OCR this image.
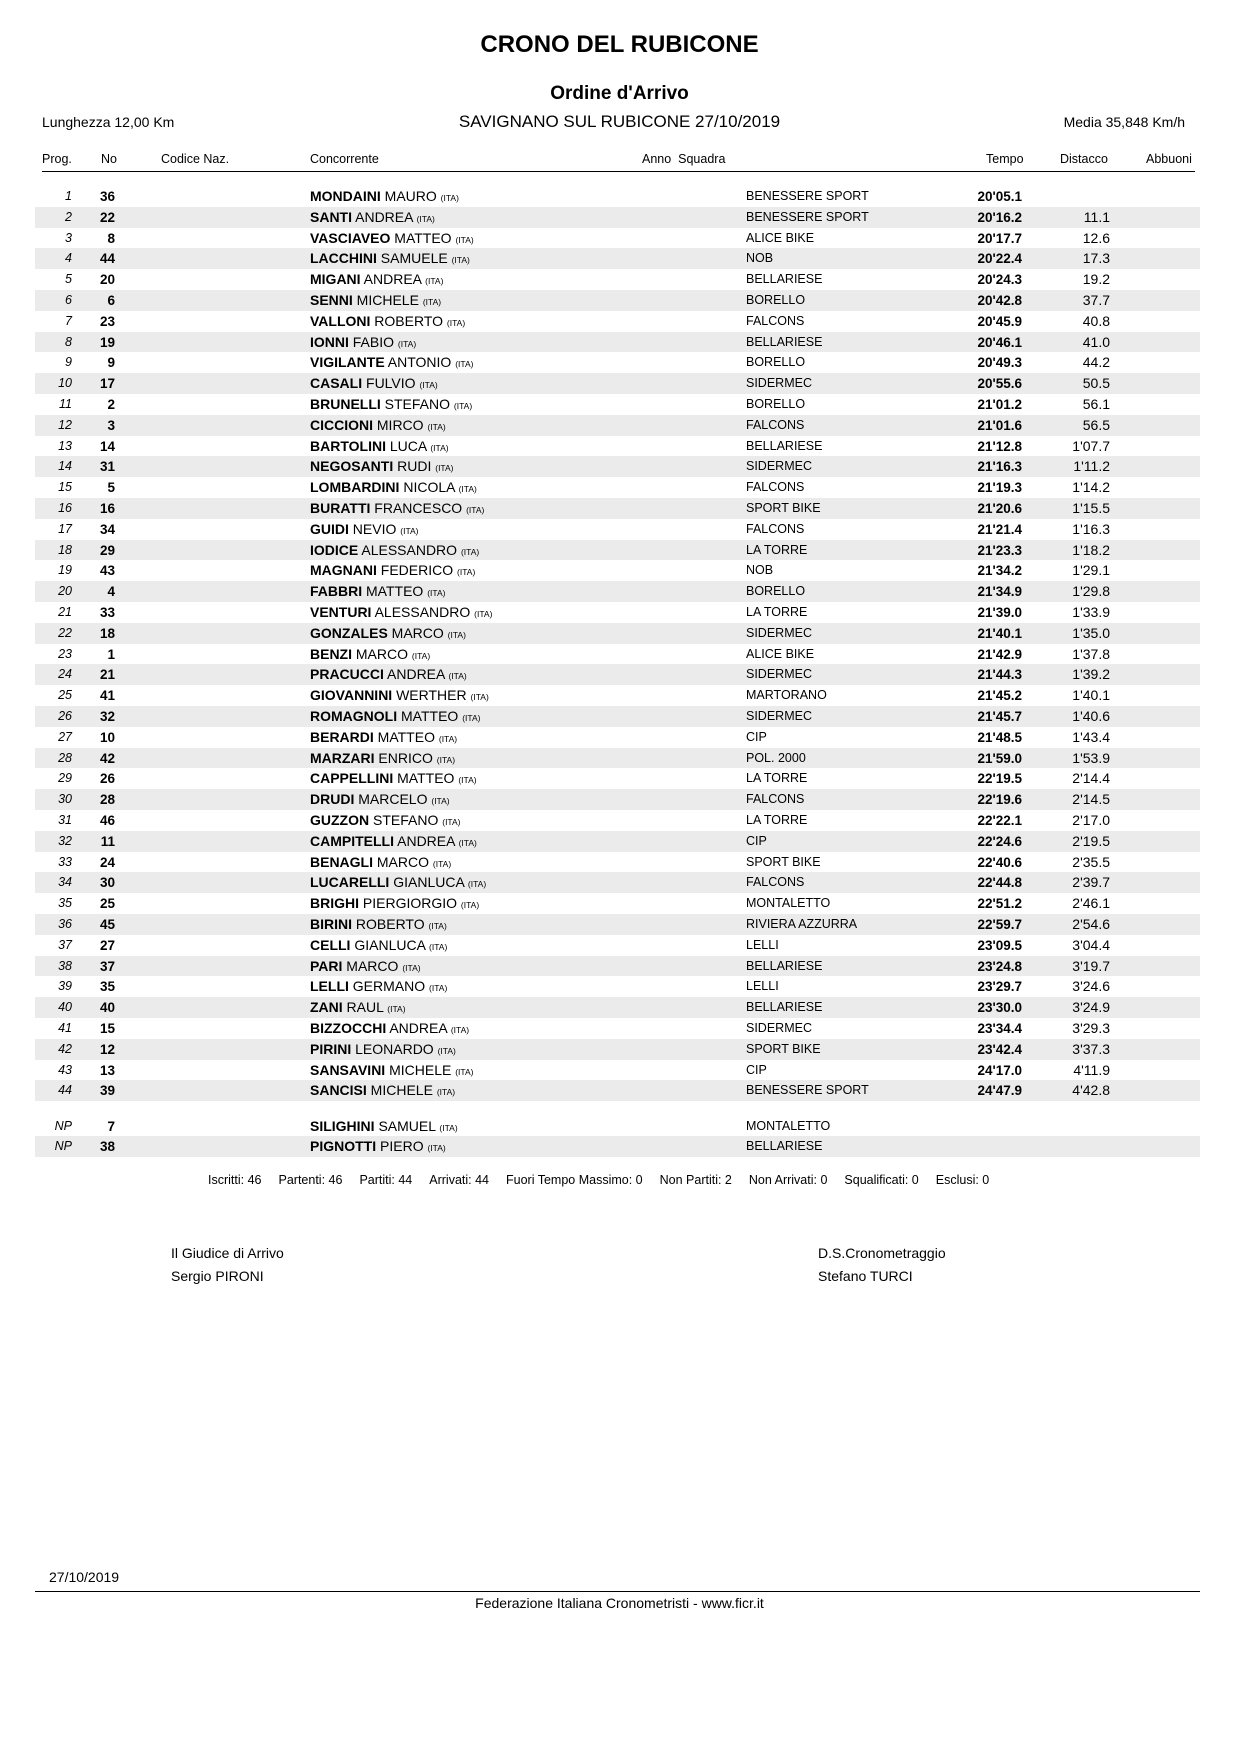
CRONO DEL RUBICONE
Ordine d'Arrivo
Lunghezza 12,00 Km	SAVIGNANO SUL RUBICONE 27/10/2019	Media 35,848 Km/h
Prog. No	Codice Naz.	Concorrente	Anno  Squadra	Tempo	Distacco	Abbuoni
1	36	MONDAINI MAURO (ITA)	BENESSERE SPORT	20'05.1
2	22	SANTI ANDREA (ITA)	BENESSERE SPORT	20'16.2	11.1
3	8	VASCIAVEO MATTEO (ITA)	ALICE BIKE	20'17.7	12.6
4	44	LACCHINI SAMUELE (ITA)	NOB	20'22.4	17.3
5	20	MIGANI ANDREA (ITA)	BELLARIESE	20'24.3	19.2
6	6	SENNI MICHELE (ITA)	BORELLO	20'42.8	37.7
7	23	VALLONI ROBERTO (ITA)	FALCONS	20'45.9	40.8
8	19	IONNI FABIO (ITA)	BELLARIESE	20'46.1	41.0
9	9	VIGILANTE ANTONIO (ITA)	BORELLO	20'49.3	44.2
10	17	CASALI FULVIO (ITA)	SIDERMEC	20'55.6	50.5
11	2	BRUNELLI STEFANO (ITA)	BORELLO	21'01.2	56.1
12	3	CICCIONI MIRCO (ITA)	FALCONS	21'01.6	56.5
13	14	BARTOLINI LUCA (ITA)	BELLARIESE	21'12.8	1'07.7
14	31	NEGOSANTI RUDI (ITA)	SIDERMEC	21'16.3	1'11.2
15	5	LOMBARDINI NICOLA (ITA)	FALCONS	21'19.3	1'14.2
16	16	BURATTI FRANCESCO (ITA)	SPORT BIKE	21'20.6	1'15.5
17	34	GUIDI NEVIO (ITA)	FALCONS	21'21.4	1'16.3
18	29	IODICE ALESSANDRO (ITA)	LA TORRE	21'23.3	1'18.2
19	43	MAGNANI FEDERICO (ITA)	NOB	21'34.2	1'29.1
20	4	FABBRI MATTEO (ITA)	BORELLO	21'34.9	1'29.8
21	33	VENTURI ALESSANDRO (ITA)	LA TORRE	21'39.0	1'33.9
22	18	GONZALES MARCO (ITA)	SIDERMEC	21'40.1	1'35.0
23	1	BENZI MARCO (ITA)	ALICE BIKE	21'42.9	1'37.8
24	21	PRACUCCI ANDREA (ITA)	SIDERMEC	21'44.3	1'39.2
25	41	GIOVANNINI WERTHER (ITA)	MARTORANO	21'45.2	1'40.1
26	32	ROMAGNOLI MATTEO (ITA)	SIDERMEC	21'45.7	1'40.6
27	10	BERARDI MATTEO (ITA)	CIP	21'48.5	1'43.4
28	42	MARZARI ENRICO (ITA)	POL. 2000	21'59.0	1'53.9
29	26	CAPPELLINI MATTEO (ITA)	LA TORRE	22'19.5	2'14.4
30	28	DRUDI MARCELO (ITA)	FALCONS	22'19.6	2'14.5
31	46	GUZZON STEFANO (ITA)	LA TORRE	22'22.1	2'17.0
32	11	CAMPITELLI ANDREA (ITA)	CIP	22'24.6	2'19.5
33	24	BENAGLI MARCO (ITA)	SPORT BIKE	22'40.6	2'35.5
34	30	LUCARELLI GIANLUCA (ITA)	FALCONS	22'44.8	2'39.7
35	25	BRIGHI PIERGIORGIO (ITA)	MONTALETTO	22'51.2	2'46.1
36	45	BIRINI ROBERTO (ITA)	RIVIERA AZZURRA	22'59.7	2'54.6
37	27	CELLI GIANLUCA (ITA)	LELLI	23'09.5	3'04.4
38	37	PARI MARCO (ITA)	BELLARIESE	23'24.8	3'19.7
39	35	LELLI GERMANO (ITA)	LELLI	23'29.7	3'24.6
40	40	ZANI RAUL (ITA)	BELLARIESE	23'30.0	3'24.9
41	15	BIZZOCCHI ANDREA (ITA)	SIDERMEC	23'34.4	3'29.3
42	12	PIRINI LEONARDO (ITA)	SPORT BIKE	23'42.4	3'37.3
43	13	SANSAVINI MICHELE (ITA)	CIP	24'17.0	4'11.9
44	39	SANCISI MICHELE (ITA)	BENESSERE SPORT	24'47.9	4'42.8
NP	7	SILIGHINI SAMUEL (ITA)	MONTALETTO
NP	38	PIGNOTTI PIERO (ITA)	BELLARIESE
Iscritti: 46 Partenti: 46 Partiti: 44 Arrivati: 44 Fuori Tempo Massimo: 0 Non Partiti: 2 Non Arrivati: 0 Squalificati: 0 Esclusi: 0
Il Giudice di Arrivo
Sergio PIRONI
D.S.Cronometraggio
Stefano TURCI
27/10/2019
Federazione Italiana Cronometristi - www.ficr.it
